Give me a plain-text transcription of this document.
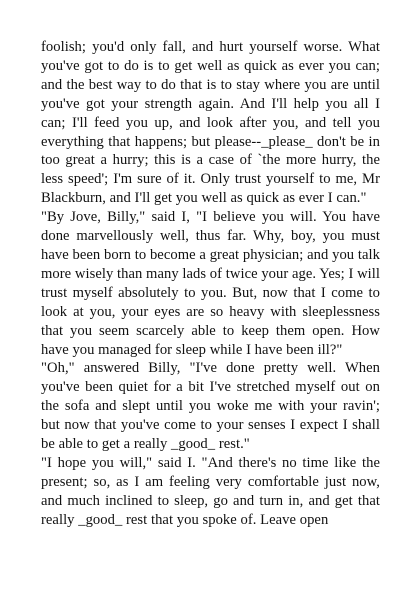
foolish; you'd only fall, and hurt yourself worse. What you've got to do is to get well as quick as ever you can; and the best way to do that is to stay where you are until you've got your strength again. And I'll help you all I can; I'll feed you up, and look after you, and tell you everything that happens; but please--_please_ don't be in too great a hurry; this is a case of `the more hurry, the less speed'; I'm sure of it. Only trust yourself to me, Mr Blackburn, and I'll get you well as quick as ever I can."

"By Jove, Billy," said I, "I believe you will. You have done marvellously well, thus far. Why, boy, you must have been born to become a great physician; and you talk more wisely than many lads of twice your age. Yes; I will trust myself absolutely to you. But, now that I come to look at you, your eyes are so heavy with sleeplessness that you seem scarcely able to keep them open. How have you managed for sleep while I have been ill?"

"Oh," answered Billy, "I've done pretty well. When you've been quiet for a bit I've stretched myself out on the sofa and slept until you woke me with your ravin'; but now that you've come to your senses I expect I shall be able to get a really _good_ rest."

"I hope you will," said I. "And there's no time like the present; so, as I am feeling very comfortable just now, and much inclined to sleep, go and turn in, and get that really _good_ rest that you spoke of. Leave open
